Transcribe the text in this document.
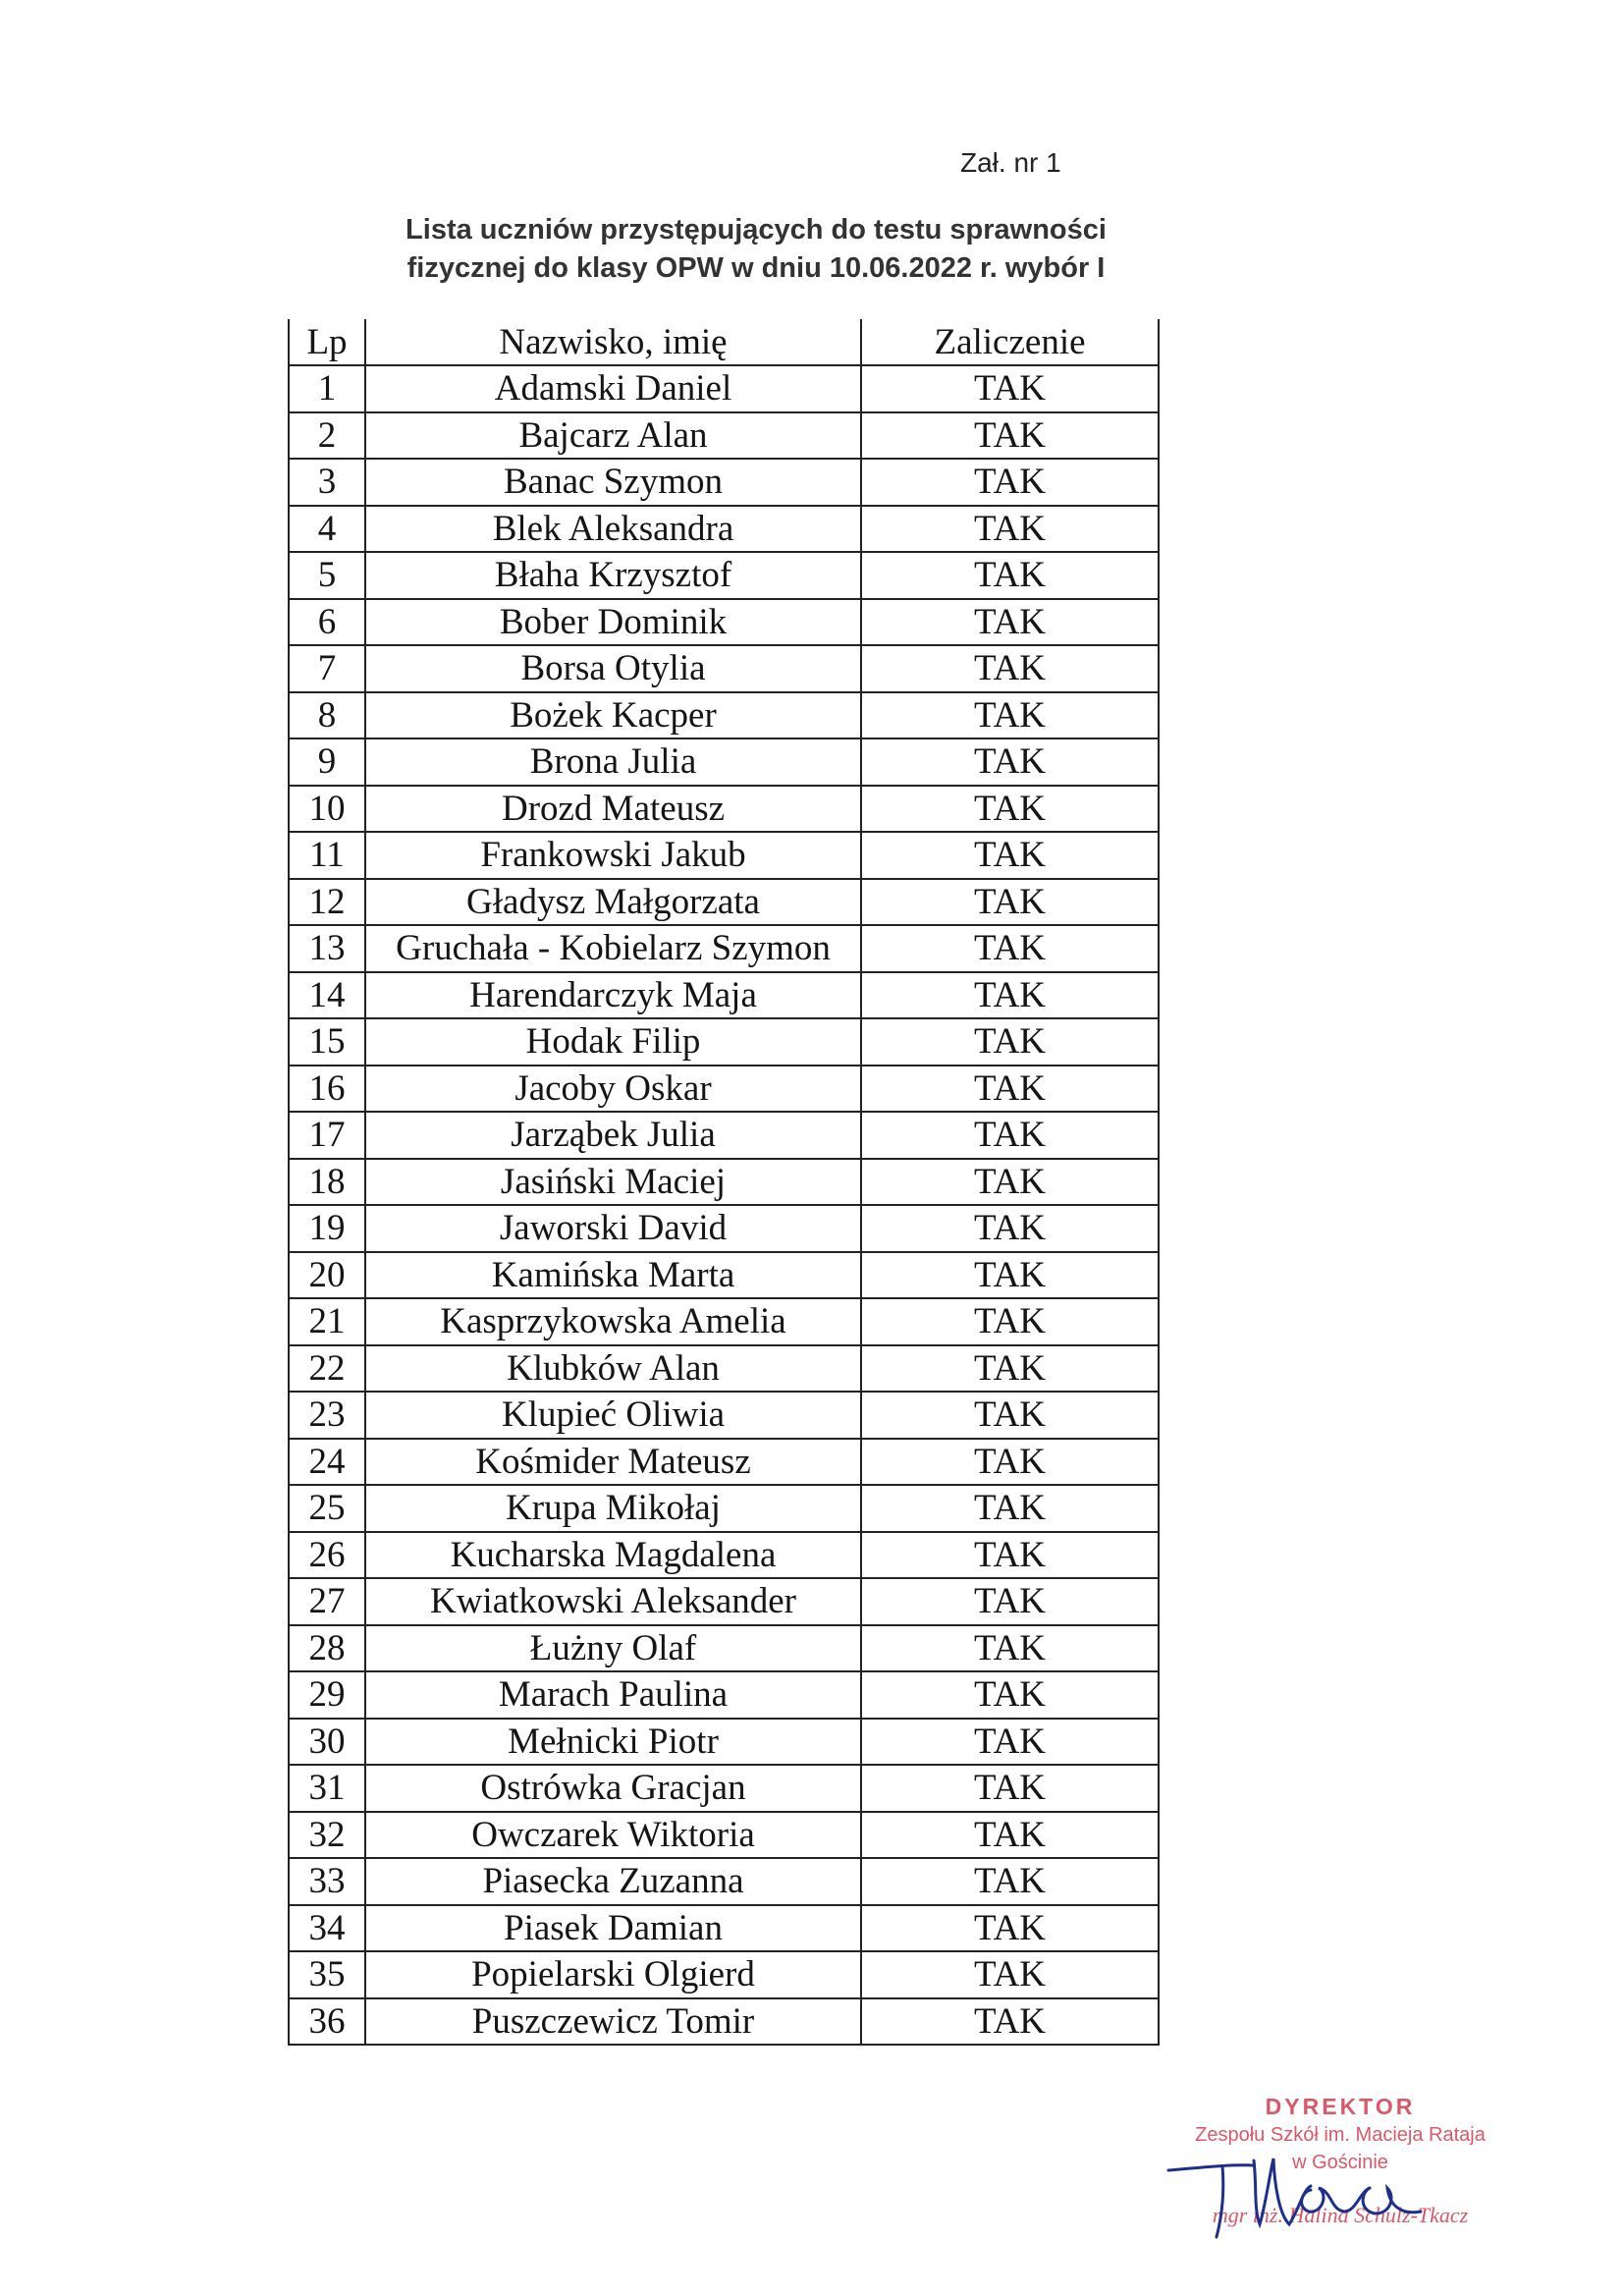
Zał. nr 1
Lista uczniów przystępujących do testu sprawności
fizycznej do klasy OPW w dniu 10.06.2022 r. wybór I
Lp	Nazwisko, imię	Zaliczenie
1	Adamski Daniel	TAK
2	Bajcarz Alan	TAK
3	Banac Szymon	TAK
4	Blek Aleksandra	TAK
5	Błaha Krzysztof	TAK
6	Bober Dominik	TAK
7	Borsa Otylia	TAK
8	Bożek Kacper	TAK
9	Brona Julia	TAK
10	Drozd Mateusz	TAK
11	Frankowski Jakub	TAK
12	Gładysz Małgorzata	TAK
13	Gruchała - Kobielarz Szymon	TAK
14	Harendarczyk Maja	TAK
15	Hodak Filip	TAK
16	Jacoby Oskar	TAK
17	Jarząbek Julia	TAK
18	Jasiński Maciej	TAK
19	Jaworski David	TAK
20	Kamińska Marta	TAK
21	Kasprzykowska Amelia	TAK
22	Klubków Alan	TAK
23	Klupieć Oliwia	TAK
24	Kośmider Mateusz	TAK
25	Krupa Mikołaj	TAK
26	Kucharska Magdalena	TAK
27	Kwiatkowski Aleksander	TAK
28	Łużny Olaf	TAK
29	Marach Paulina	TAK
30	Mełnicki Piotr	TAK
31	Ostrówka Gracjan	TAK
32	Owczarek Wiktoria	TAK
33	Piasecka Zuzanna	TAK
34	Piasek Damian	TAK
35	Popielarski Olgierd	TAK
36	Puszczewicz Tomir	TAK
DYREKTOR
Zespołu Szkół im. Macieja Rataja
w Gościnie
mgr inż. Halina Schulz-Tkacz
